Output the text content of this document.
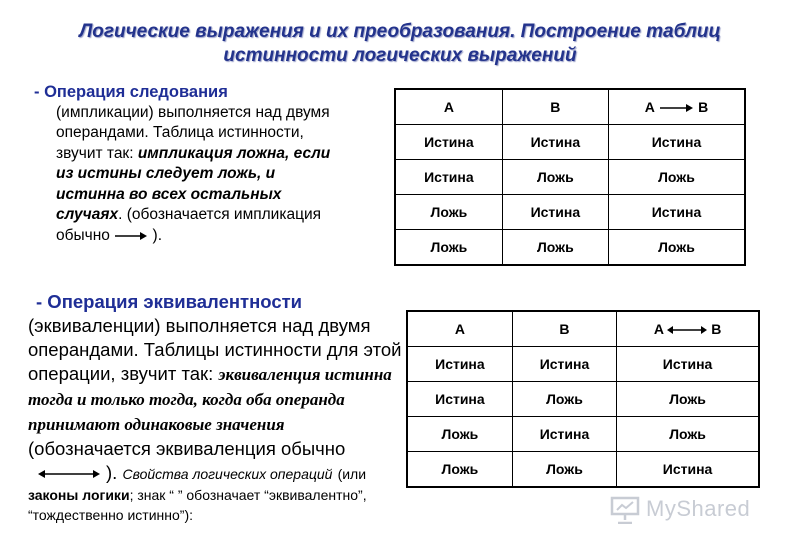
Логические выражения и их преобразования. Построение таблиц
истинности логических выражений
- Операция следования
(импликации) выполняется над двумя операндами. Таблица истинности, звучит так: импликация ложна, если из истины следует ложь, и истинна во всех остальных случаях. (обозначается импликация обычно	).
A	B	A B
Истина	Истина	Истина
Истина	Ложь	Ложь
Ложь	Истина	Истина
Ложь	Ложь	Ложь
- Операция эквивалентности
(эквиваленции) выполняется над двумя операндами. Таблицы истинности для этой операции, звучит так: эквиваленция истинна тогда и только тогда, когда оба операнда принимают одинаковые значения (обозначается эквиваленция обычно
). Свойства логических операций (или
законы логики; знак “ ” обозначает “эквивалентно”, “тождественно истинно”):
A	B	A B
Истина	Истина	Истина
Истина	Ложь	Ложь
Ложь	Истина	Ложь
Ложь	Ложь	Истина
MyShared
